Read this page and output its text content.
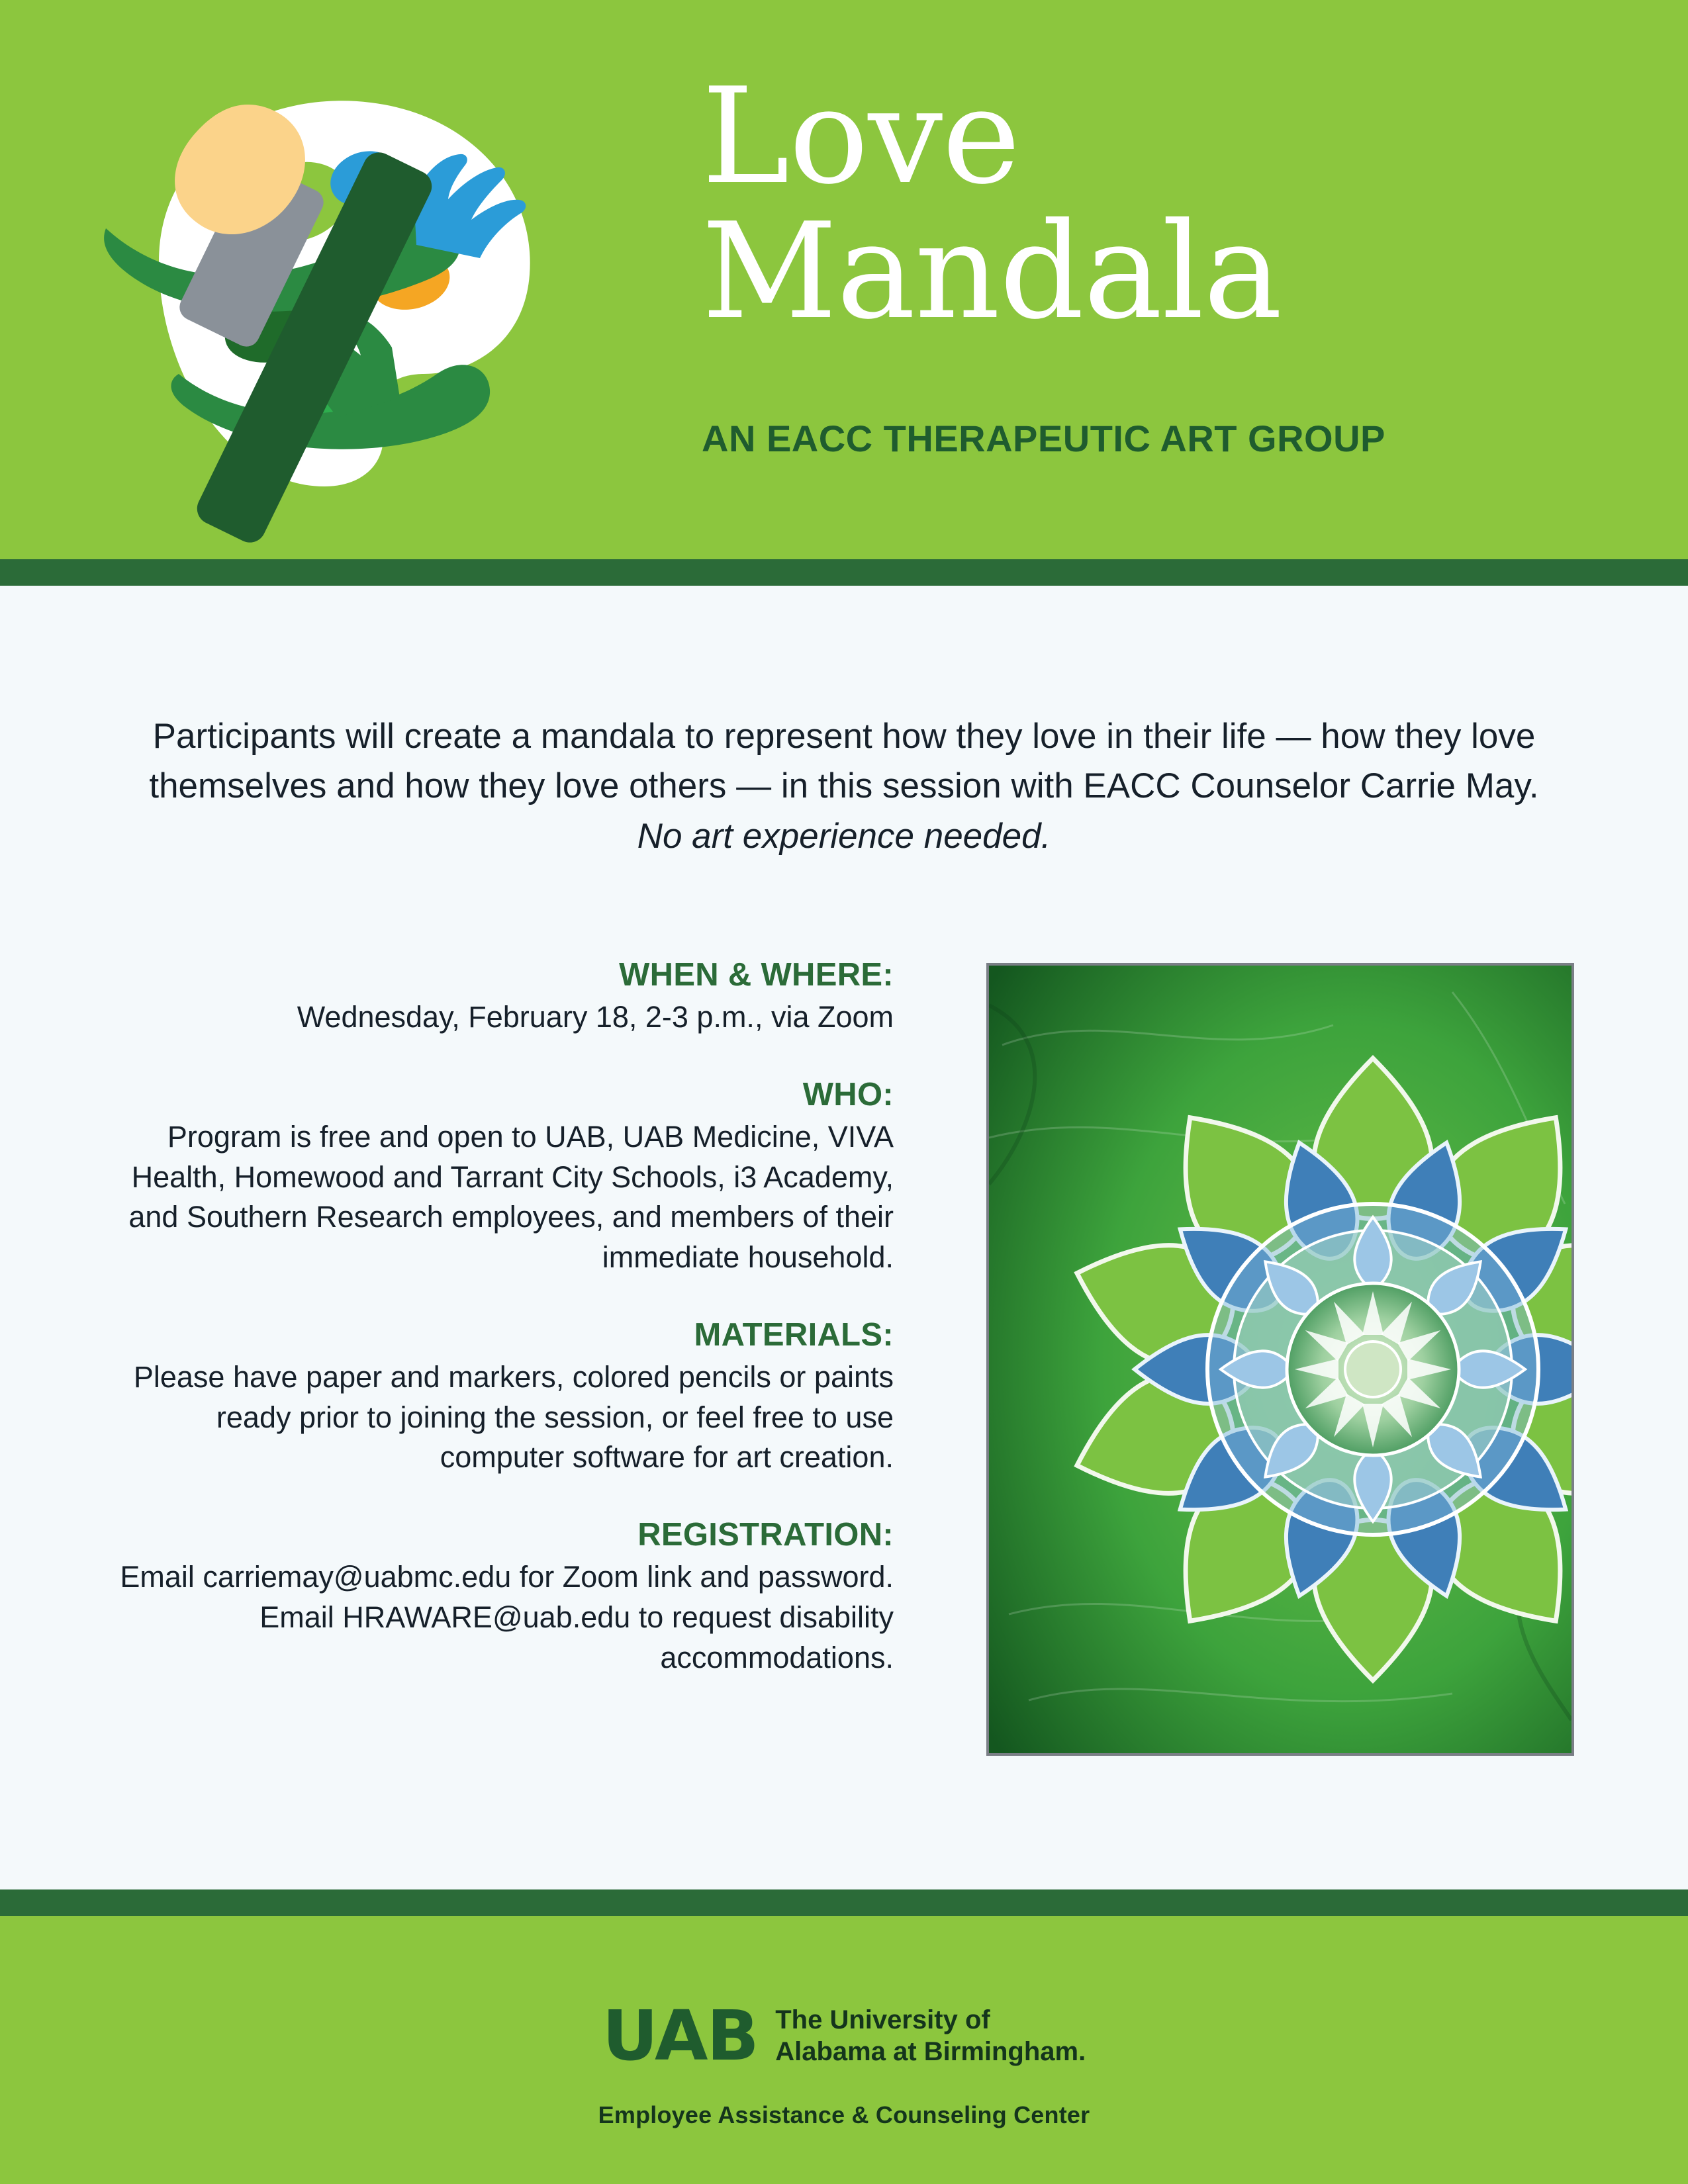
Love
Mandala
AN EACC THERAPEUTIC ART GROUP
Participants will create a mandala to represent how they love in their life — how they love themselves and how they love others — in this session with EACC Counselor Carrie May. No art experience needed.
WHEN & WHERE:
Wednesday, February 18, 2-3 p.m., via Zoom
WHO:
Program is free and open to UAB, UAB Medicine, VIVA Health, Homewood and Tarrant City Schools, i3 Academy, and Southern Research employees, and members of their immediate household.
MATERIALS:
Please have paper and markers, colored pencils or paints ready prior to joining the session, or feel free to use computer software for art creation.
REGISTRATION:
Email carriemay@uabmc.edu for Zoom link and password. Email HRAWARE@uab.edu to request disability accommodations.
UAB The University of
Alabama at Birmingham.
Employee Assistance & Counseling Center
